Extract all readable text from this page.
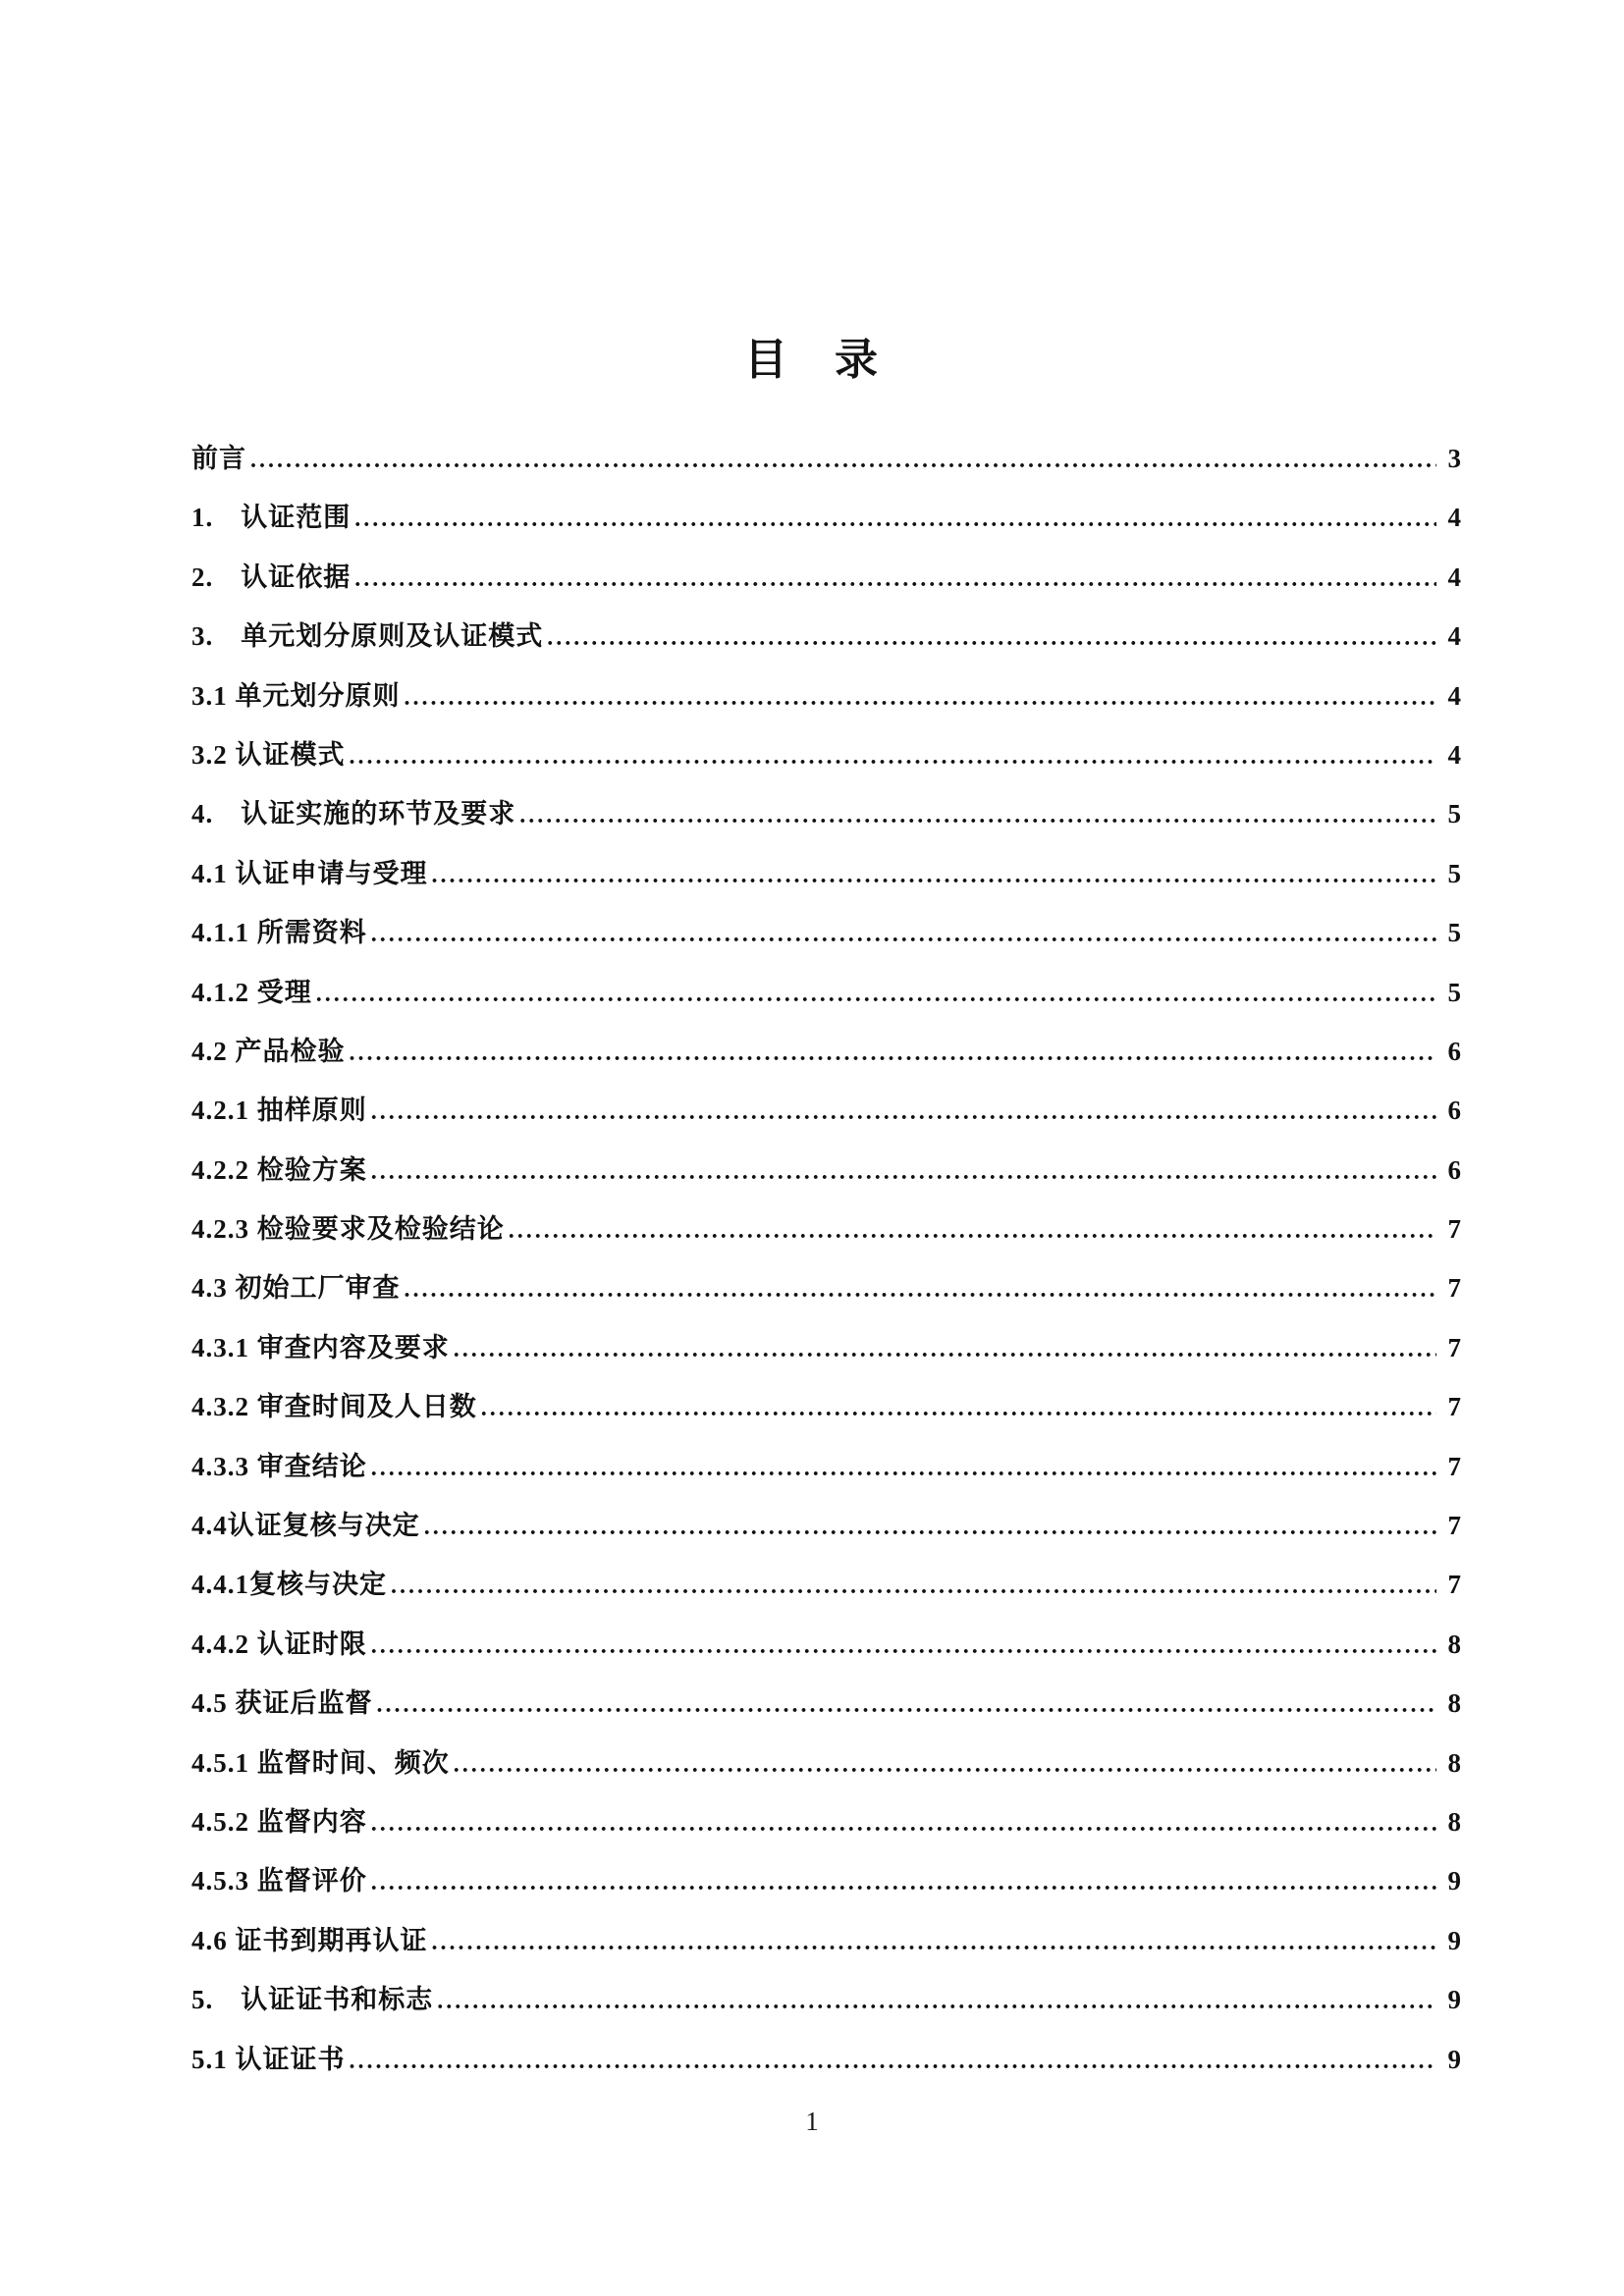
目　录
前言 .....	3
1.　认证范围 .....	4
2.　认证依据 .....	4
3.　单元划分原则及认证模式 .....	4
3.1 单元划分原则 .....	4
3.2 认证模式 .....	4
4.　认证实施的环节及要求 .....	5
4.1 认证申请与受理 .....	5
4.1.1 所需资料 .....	5
4.1.2 受理 .....	5
4.2 产品检验 .....	6
4.2.1 抽样原则 .....	6
4.2.2 检验方案 .....	6
4.2.3 检验要求及检验结论 .....	7
4.3 初始工厂审查 .....	7
4.3.1 审查内容及要求 .....	7
4.3.2 审查时间及人日数 .....	7
4.3.3 审查结论 .....	7
4.4认证复核与决定 .....	7
4.4.1复核与决定 .....	7
4.4.2 认证时限 .....	8
4.5 获证后监督 .....	8
4.5.1 监督时间、频次 .....	8
4.5.2 监督内容 .....	8
4.5.3 监督评价 .....	9
4.6 证书到期再认证 .....	9
5.　认证证书和标志 .....	9
5.1 认证证书 .....	9
1
